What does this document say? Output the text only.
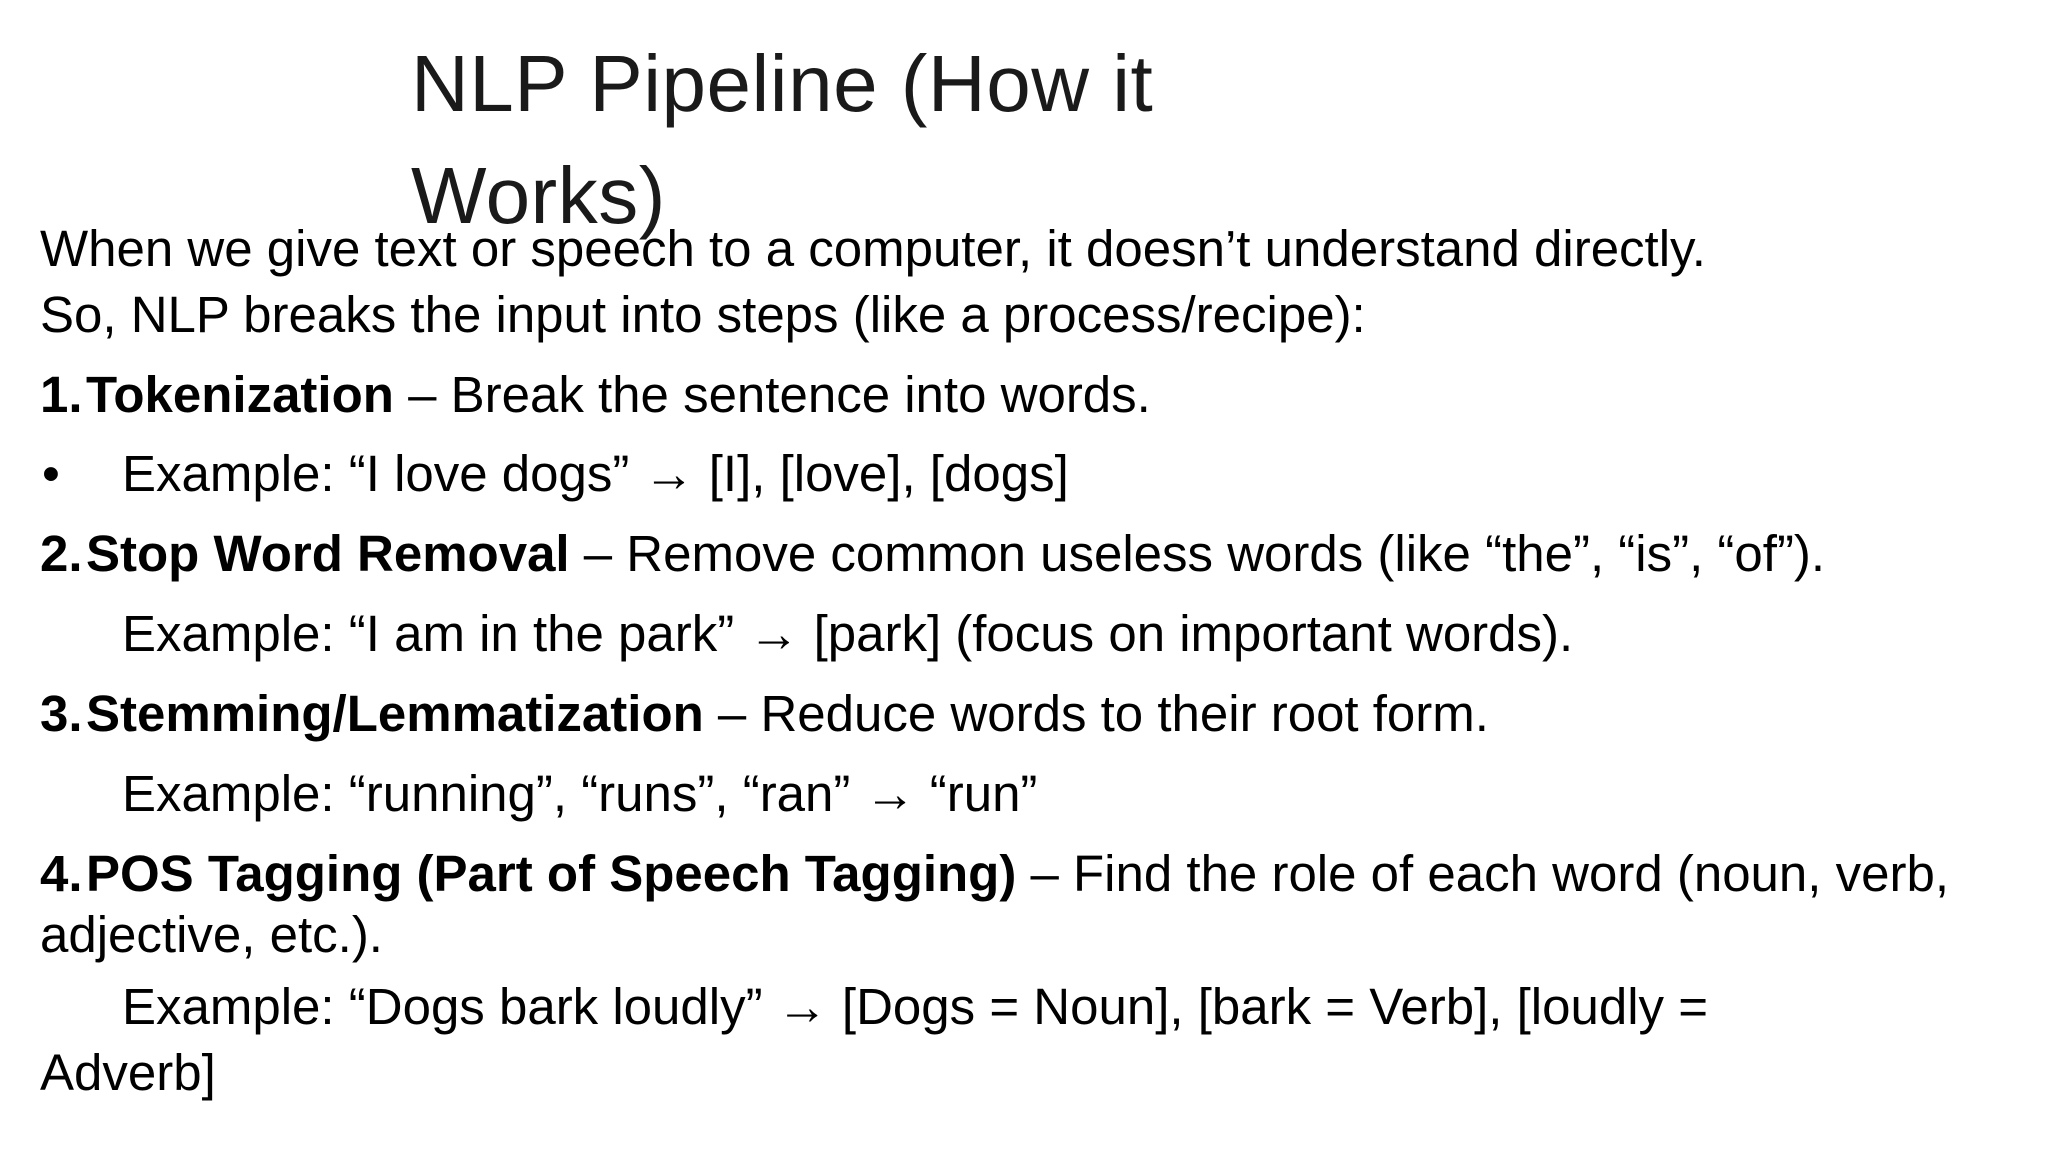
NLP Pipeline (How it Works)
When we give text or speech to a computer, it doesn’t understand directly.
So, NLP breaks the input into steps (like a process/recipe):
1.Tokenization – Break the sentence into words.
• Example: “I love dogs” → [I], [love], [dogs]
2.Stop Word Removal – Remove common useless words (like “the”, “is”, “of”).
Example: “I am in the park” → [park] (focus on important words).
3.Stemming/Lemmatization – Reduce words to their root form.
Example: “running”, “runs”, “ran” → “run”
4.POS Tagging (Part of Speech Tagging) – Find the role of each word (noun, verb,
adjective, etc.).
Example: “Dogs bark loudly” → [Dogs = Noun], [bark = Verb], [loudly =
Adverb]
